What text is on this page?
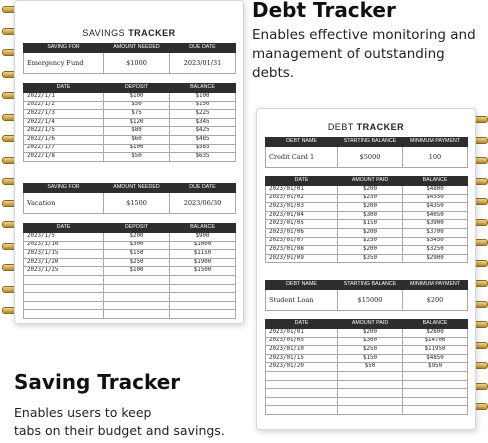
Debt Tracker
Enables effective monitoring and
management of outstanding debts.
Saving Tracker
Enables users to keep
tabs on their budget and savings.
SAVINGS TRACKER
SAVING FOR	AMOUNT NEEDED	DUE DATE
Emergency Fund	$1000	2023/01/31
DATE	DEPOSIT	BALANCE
2022/1/1	$100	$100
2022/1/2	$50	$150
2022/1/3	$75	$225
2022/1/4	$120	$345
2022/1/5	$80	$425
2022/1/6	$60	$485
2022/1/7	$100	$585
2022/1/8	$50	$635
SAVING FOR	AMOUNT NEEDED	DUE DATE
Vacation	$1500	2023/06/30
DATE	DEPOSIT	BALANCE
2023/1/5	$200	$900
2023/1/10	$300	$1000
2023/1/15	$150	$1150
2023/1/20	$250	$1900
2023/1/25	$100	$1500

DEBT TRACKER
DEBT NAME	STARTING BALANCE	MINIMUM PAYMENT
Credit Card 1	$5000	100
DATE	AMOUNT PAID	BALANCE
2023/01/01	$200	$4800
2023/01/02	$250	$4550
2023/01/03	$200	$4350
2023/01/04	$300	$4050
2023/01/05	$150	$3900
2023/01/06	$200	$3700
2023/01/07	$250	$3450
2023/01/08	$200	$3250
2023/01/09	$350	$2900
DEBT NAME	STARTING BALANCE	MINIMUM PAYMENT
Student Loan	$15000	$200
DATE	AMOUNT PAID	BALANCE
2023/01/01	$200	$2800
2023/01/05	$300	$14700
2023/01/10	$250	$11950
2023/01/15	$150	$4850
2023/01/20	$50	$950
